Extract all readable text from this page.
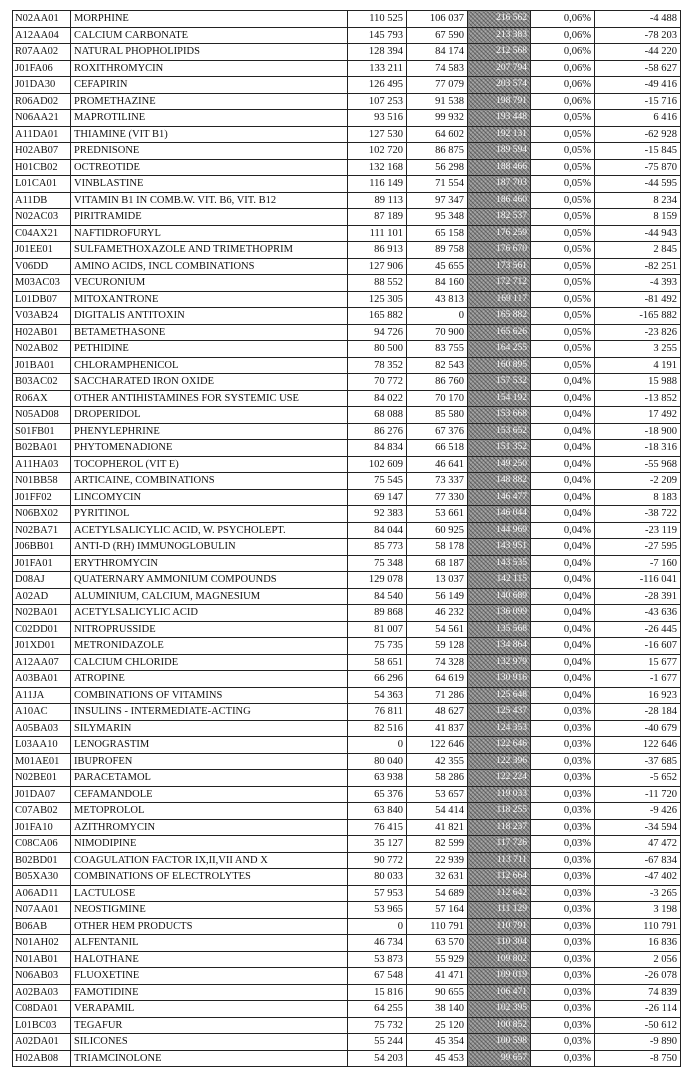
N02AA01	MORPHINE	110 525	106 037	216 562	0,06%	-4 488
A12AA04	CALCIUM CARBONATE	145 793	67 590	213 383	0,06%	-78 203
R07AA02	NATURAL PHOPHOLIPIDS	128 394	84 174	212 568	0,06%	-44 220
J01FA06	ROXITHROMYCIN	133 211	74 583	207 794	0,06%	-58 627
J01DA30	CEFAPIRIN	126 495	77 079	203 574	0,06%	-49 416
R06AD02	PROMETHAZINE	107 253	91 538	198 791	0,06%	-15 716
N06AA21	MAPROTILINE	93 516	99 932	193 448	0,05%	6 416
A11DA01	THIAMINE (VIT B1)	127 530	64 602	192 131	0,05%	-62 928
H02AB07	PREDNISONE	102 720	86 875	189 594	0,05%	-15 845
H01CB02	OCTREOTIDE	132 168	56 298	188 466	0,05%	-75 870
L01CA01	VINBLASTINE	116 149	71 554	187 703	0,05%	-44 595
A11DB	VITAMIN B1 IN COMB.W. VIT. B6, VIT. B12	89 113	97 347	186 460	0,05%	8 234
N02AC03	PIRITRAMIDE	87 189	95 348	182 537	0,05%	8 159
C04AX21	NAFTIDROFURYL	111 101	65 158	176 259	0,05%	-44 943
J01EE01	SULFAMETHOXAZOLE AND TRIMETHOPRIM	86 913	89 758	176 670	0,05%	2 845
V06DD	AMINO ACIDS, INCL COMBINATIONS	127 906	45 655	173 561	0,05%	-82 251
M03AC03	VECURONIUM	88 552	84 160	172 712	0,05%	-4 393
L01DB07	MITOXANTRONE	125 305	43 813	169 117	0,05%	-81 492
V03AB24	DIGITALIS ANTITOXIN	165 882	0	165 882	0,05%	-165 882
H02AB01	BETAMETHASONE	94 726	70 900	165 626	0,05%	-23 826
N02AB02	PETHIDINE	80 500	83 755	164 255	0,05%	3 255
J01BA01	CHLORAMPHENICOL	78 352	82 543	160 895	0,05%	4 191
B03AC02	SACCHARATED IRON OXIDE	70 772	86 760	157 532	0,04%	15 988
R06AX	OTHER ANTIHISTAMINES FOR SYSTEMIC USE	84 022	70 170	154 192	0,04%	-13 852
N05AD08	DROPERIDOL	68 088	85 580	153 668	0,04%	17 492
S01FB01	PHENYLEPHRINE	86 276	67 376	153 652	0,04%	-18 900
B02BA01	PHYTOMENADIONE	84 834	66 518	151 352	0,04%	-18 316
A11HA03	TOCOPHEROL (VIT E)	102 609	46 641	149 250	0,04%	-55 968
N01BB58	ARTICAINE, COMBINATIONS	75 545	73 337	148 882	0,04%	-2 209
J01FF02	LINCOMYCIN	69 147	77 330	146 477	0,04%	8 183
N06BX02	PYRITINOL	92 383	53 661	146 044	0,04%	-38 722
N02BA71	ACETYLSALICYLIC ACID, W. PSYCHOLEPT.	84 044	60 925	144 969	0,04%	-23 119
J06BB01	ANTI-D (RH) IMMUNOGLOBULIN	85 773	58 178	143 951	0,04%	-27 595
J01FA01	ERYTHROMYCIN	75 348	68 187	143 535	0,04%	-7 160
D08AJ	QUATERNARY AMMONIUM COMPOUNDS	129 078	13 037	142 115	0,04%	-116 041
A02AD	ALUMINIUM, CALCIUM, MAGNESIUM	84 540	56 149	140 689	0,04%	-28 391
N02BA01	ACETYLSALICYLIC ACID	89 868	46 232	136 099	0,04%	-43 636
C02DD01	NITROPRUSSIDE	81 007	54 561	135 568	0,04%	-26 445
J01XD01	METRONIDAZOLE	75 735	59 128	134 864	0,04%	-16 607
A12AA07	CALCIUM CHLORIDE	58 651	74 328	132 979	0,04%	15 677
A03BA01	ATROPINE	66 296	64 619	130 916	0,04%	-1 677
A11JA	COMBINATIONS OF VITAMINS	54 363	71 286	125 648	0,04%	16 923
A10AC	INSULINS - INTERMEDIATE-ACTING	76 811	48 627	125 437	0,03%	-28 184
A05BA03	SILYMARIN	82 516	41 837	124 353	0,03%	-40 679
L03AA10	LENOGRASTIM	0	122 646	122 646	0,03%	122 646
M01AE01	IBUPROFEN	80 040	42 355	122 396	0,03%	-37 685
N02BE01	PARACETAMOL	63 938	58 286	122 224	0,03%	-5 652
J01DA07	CEFAMANDOLE	65 376	53 657	119 033	0,03%	-11 720
C07AB02	METOPROLOL	63 840	54 414	118 255	0,03%	-9 426
J01FA10	AZITHROMYCIN	76 415	41 821	118 237	0,03%	-34 594
C08CA06	NIMODIPINE	35 127	82 599	117 726	0,03%	47 472
B02BD01	COAGULATION FACTOR IX,II,VII AND X	90 772	22 939	113 711	0,03%	-67 834
B05XA30	COMBINATIONS OF ELECTROLYTES	80 033	32 631	112 664	0,03%	-47 402
A06AD11	LACTULOSE	57 953	54 689	112 642	0,03%	-3 265
N07AA01	NEOSTIGMINE	53 965	57 164	111 129	0,03%	3 198
B06AB	OTHER HEM PRODUCTS	0	110 791	110 791	0,03%	110 791
N01AH02	ALFENTANIL	46 734	63 570	110 304	0,03%	16 836
N01AB01	HALOTHANE	53 873	55 929	109 802	0,03%	2 056
N06AB03	FLUOXETINE	67 548	41 471	109 019	0,03%	-26 078
A02BA03	FAMOTIDINE	15 816	90 655	106 471	0,03%	74 839
C08DA01	VERAPAMIL	64 255	38 140	102 395	0,03%	-26 114
L01BC03	TEGAFUR	75 732	25 120	100 852	0,03%	-50 612
A02DA01	SILICONES	55 244	45 354	100 598	0,03%	-9 890
H02AB08	TRIAMCINOLONE	54 203	45 453	99 657	0,03%	-8 750
